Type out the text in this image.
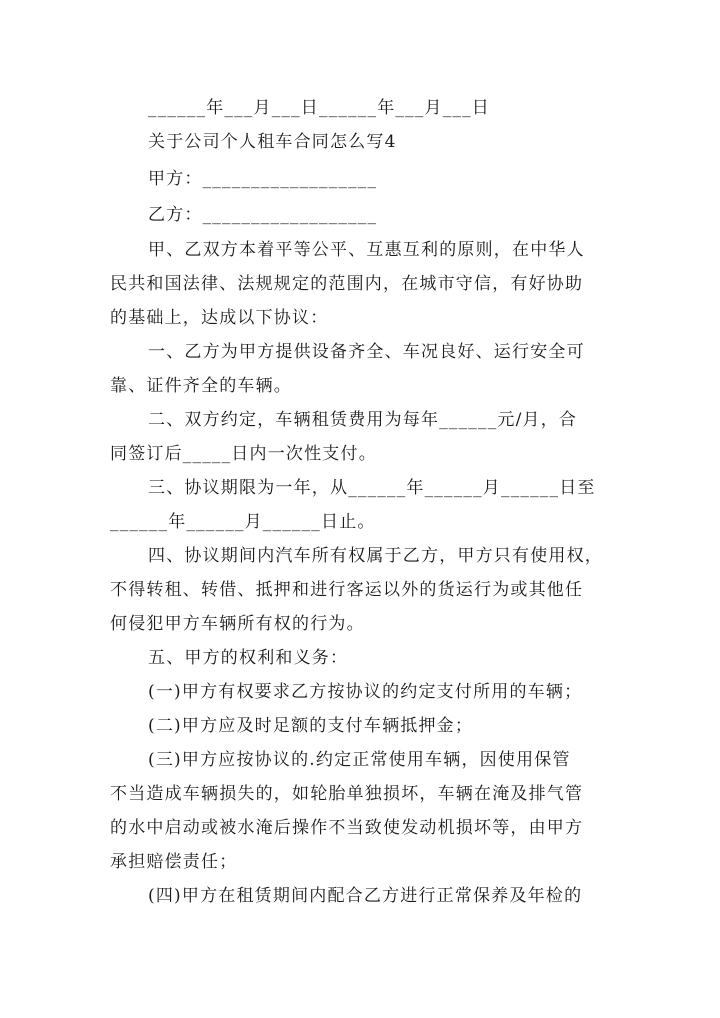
______年___月___日______年___月___日
关于公司个人租车合同怎么写4
甲方：__________________
乙方：__________________
甲、乙双方本着平等公平、互惠互利的原则，在中华人
民共和国法律、法规规定的范围内，在城市守信，有好协助
的基础上，达成以下协议：
一、乙方为甲方提供设备齐全、车况良好、运行安全可
靠、证件齐全的车辆。
二、双方约定，车辆租赁费用为每年______元/月，合
同签订后_____日内一次性支付。
三、协议期限为一年，从______年______月______日至
______年______月______日止。
四、协议期间内汽车所有权属于乙方，甲方只有使用权，
不得转租、转借、抵押和进行客运以外的货运行为或其他任
何侵犯甲方车辆所有权的行为。
五、甲方的权利和义务：
(一)甲方有权要求乙方按协议的约定支付所用的车辆；
(二)甲方应及时足额的支付车辆抵押金；
(三)甲方应按协议的.约定正常使用车辆，因使用保管
不当造成车辆损失的，如轮胎单独损坏，车辆在淹及排气管
的水中启动或被水淹后操作不当致使发动机损坏等，由甲方
承担赔偿责任；
(四)甲方在租赁期间内配合乙方进行正常保养及年检的
